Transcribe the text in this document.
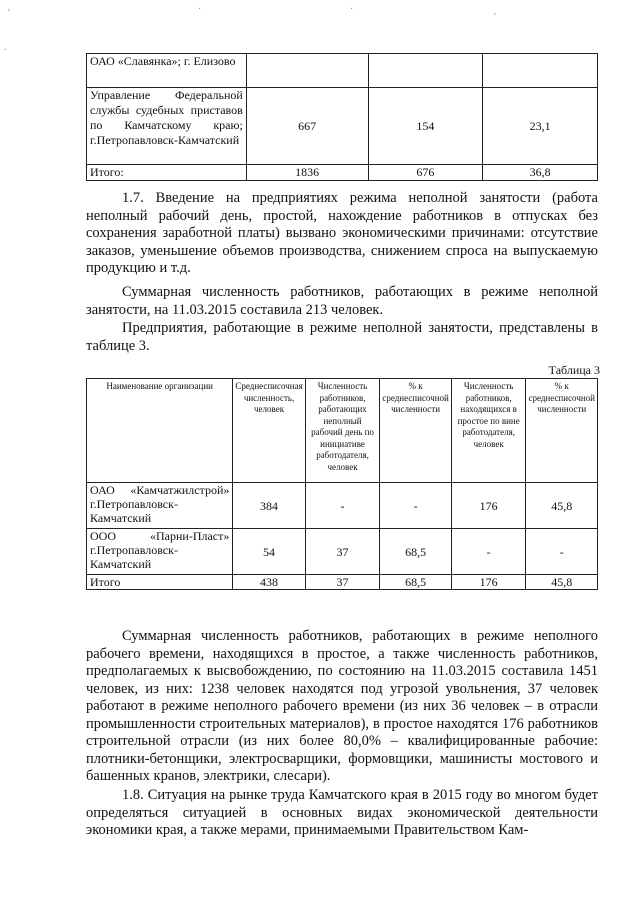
'	·	·
'
.
ОАО «Славянка»; г. Елизово			
Управление Федеральной службы судебных приставов по Камчатскому краю; г.Петропавловск-Камчатский	667	154	23,1
Итого:	1836	676	36,8

1.7. Введение на предприятиях режима неполной занятости (работа неполный рабочий день, простой, нахождение работников в отпусках без сохранения заработной платы) вызвано экономическими причинами: отсутствие заказов, уменьшение объемов производства, снижением спроса на выпускаемую продукцию и т.д.

Суммарная численность работников, работающих в режиме неполной занятости, на 11.03.2015 составила 213 человек.

Предприятия, работающие в режиме неполной занятости, представлены в таблице 3.

Таблица 3
Наименование организации	Среднесписочная численность, человек	Численность работников, работающих неполный рабочий день по инициативе работодателя, человек	% к среднесписочной численности	Численность работников, находящихся в простое по вине работодателя, человек	% к среднесписочной численности
ОАО «Камчатжилстрой» г.Петропавловск-Камчатский	384	-	-	176	45,8
ООО «Парни-Пласт» г.Петропавловск-Камчатский	54	37	68,5	-	-
Итого	438	37	68,5	176	45,8

Суммарная численность работников, работающих в режиме неполного рабочего времени, находящихся в простое, а также численность работников, предполагаемых к высвобождению, по состоянию на 11.03.2015 составила 1451 человек, из них: 1238 человек находятся под угрозой увольнения, 37 человек работают в режиме неполного рабочего времени (из них 36 человек – в отрасли промышленности строительных материалов), в простое находятся 176 работников строительной отрасли (из них более 80,0% – квалифицированные рабочие: плотники-бетонщики, электросварщики, формовщики, машинисты мостового и башенных кранов, электрики, слесари).

1.8. Ситуация на рынке труда Камчатского края в 2015 году во многом будет определяться ситуацией в основных видах экономической деятельности экономики края, а также мерами, принимаемыми Правительством Кам-
